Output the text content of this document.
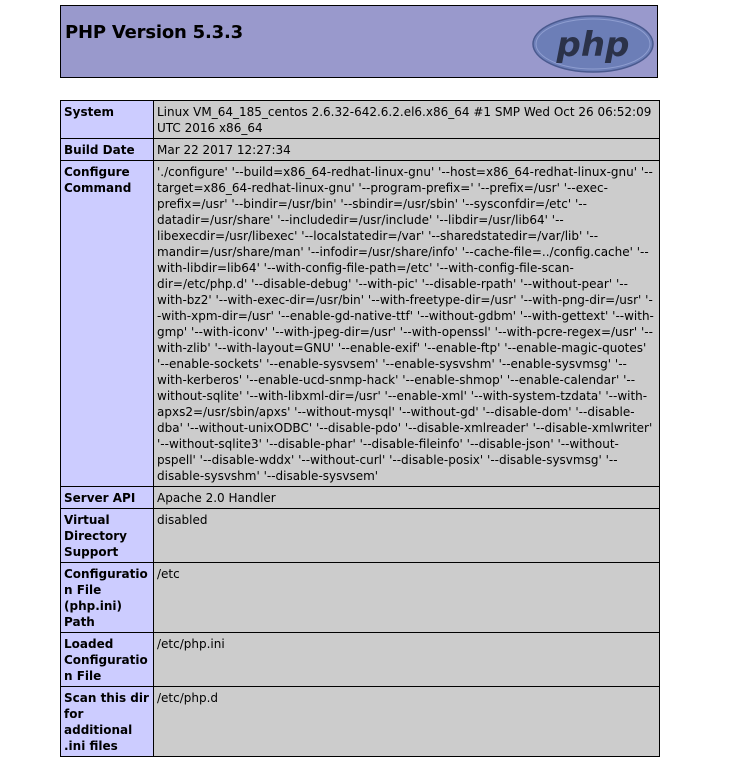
PHP Version 5.3.3	php
System	Linux VM_64_185_centos 2.6.32-642.6.2.el6.x86_64 #1 SMP Wed Oct 26 06:52:09 UTC 2016 x86_64
Build Date	Mar 22 2017 12:27:34
Configure Command	'./configure' '--build=x86_64-redhat-linux-gnu' '--host=x86_64-redhat-linux-gnu' '--target=x86_64-redhat-linux-gnu' '--program-prefix=' '--prefix=/usr' '--exec-prefix=/usr' '--bindir=/usr/bin' '--sbindir=/usr/sbin' '--sysconfdir=/etc' '--datadir=/usr/share' '--includedir=/usr/include' '--libdir=/usr/lib64' '--libexecdir=/usr/libexec' '--localstatedir=/var' '--sharedstatedir=/var/lib' '--mandir=/usr/share/man' '--infodir=/usr/share/info' '--cache-file=../config.cache' '--with-libdir=lib64' '--with-config-file-path=/etc' '--with-config-file-scan-dir=/etc/php.d' '--disable-debug' '--with-pic' '--disable-rpath' '--without-pear' '--with-bz2' '--with-exec-dir=/usr/bin' '--with-freetype-dir=/usr' '--with-png-dir=/usr' '--with-xpm-dir=/usr' '--enable-gd-native-ttf' '--without-gdbm' '--with-gettext' '--with-gmp' '--with-iconv' '--with-jpeg-dir=/usr' '--with-openssl' '--with-pcre-regex=/usr' '--with-zlib' '--with-layout=GNU' '--enable-exif' '--enable-ftp' '--enable-magic-quotes' '--enable-sockets' '--enable-sysvsem' '--enable-sysvshm' '--enable-sysvmsg' '--with-kerberos' '--enable-ucd-snmp-hack' '--enable-shmop' '--enable-calendar' '--without-sqlite' '--with-libxml-dir=/usr' '--enable-xml' '--with-system-tzdata' '--with-apxs2=/usr/sbin/apxs' '--without-mysql' '--without-gd' '--disable-dom' '--disable-dba' '--without-unixODBC' '--disable-pdo' '--disable-xmlreader' '--disable-xmlwriter' '--without-sqlite3' '--disable-phar' '--disable-fileinfo' '--disable-json' '--without-pspell' '--disable-wddx' '--without-curl' '--disable-posix' '--disable-sysvmsg' '--disable-sysvshm' '--disable-sysvsem'
Server API	Apache 2.0 Handler
Virtual Directory Support	disabled
Configuration File (php.ini) Path	/etc
Loaded Configuration File	/etc/php.ini
Scan this dir for additional .ini files	/etc/php.d
